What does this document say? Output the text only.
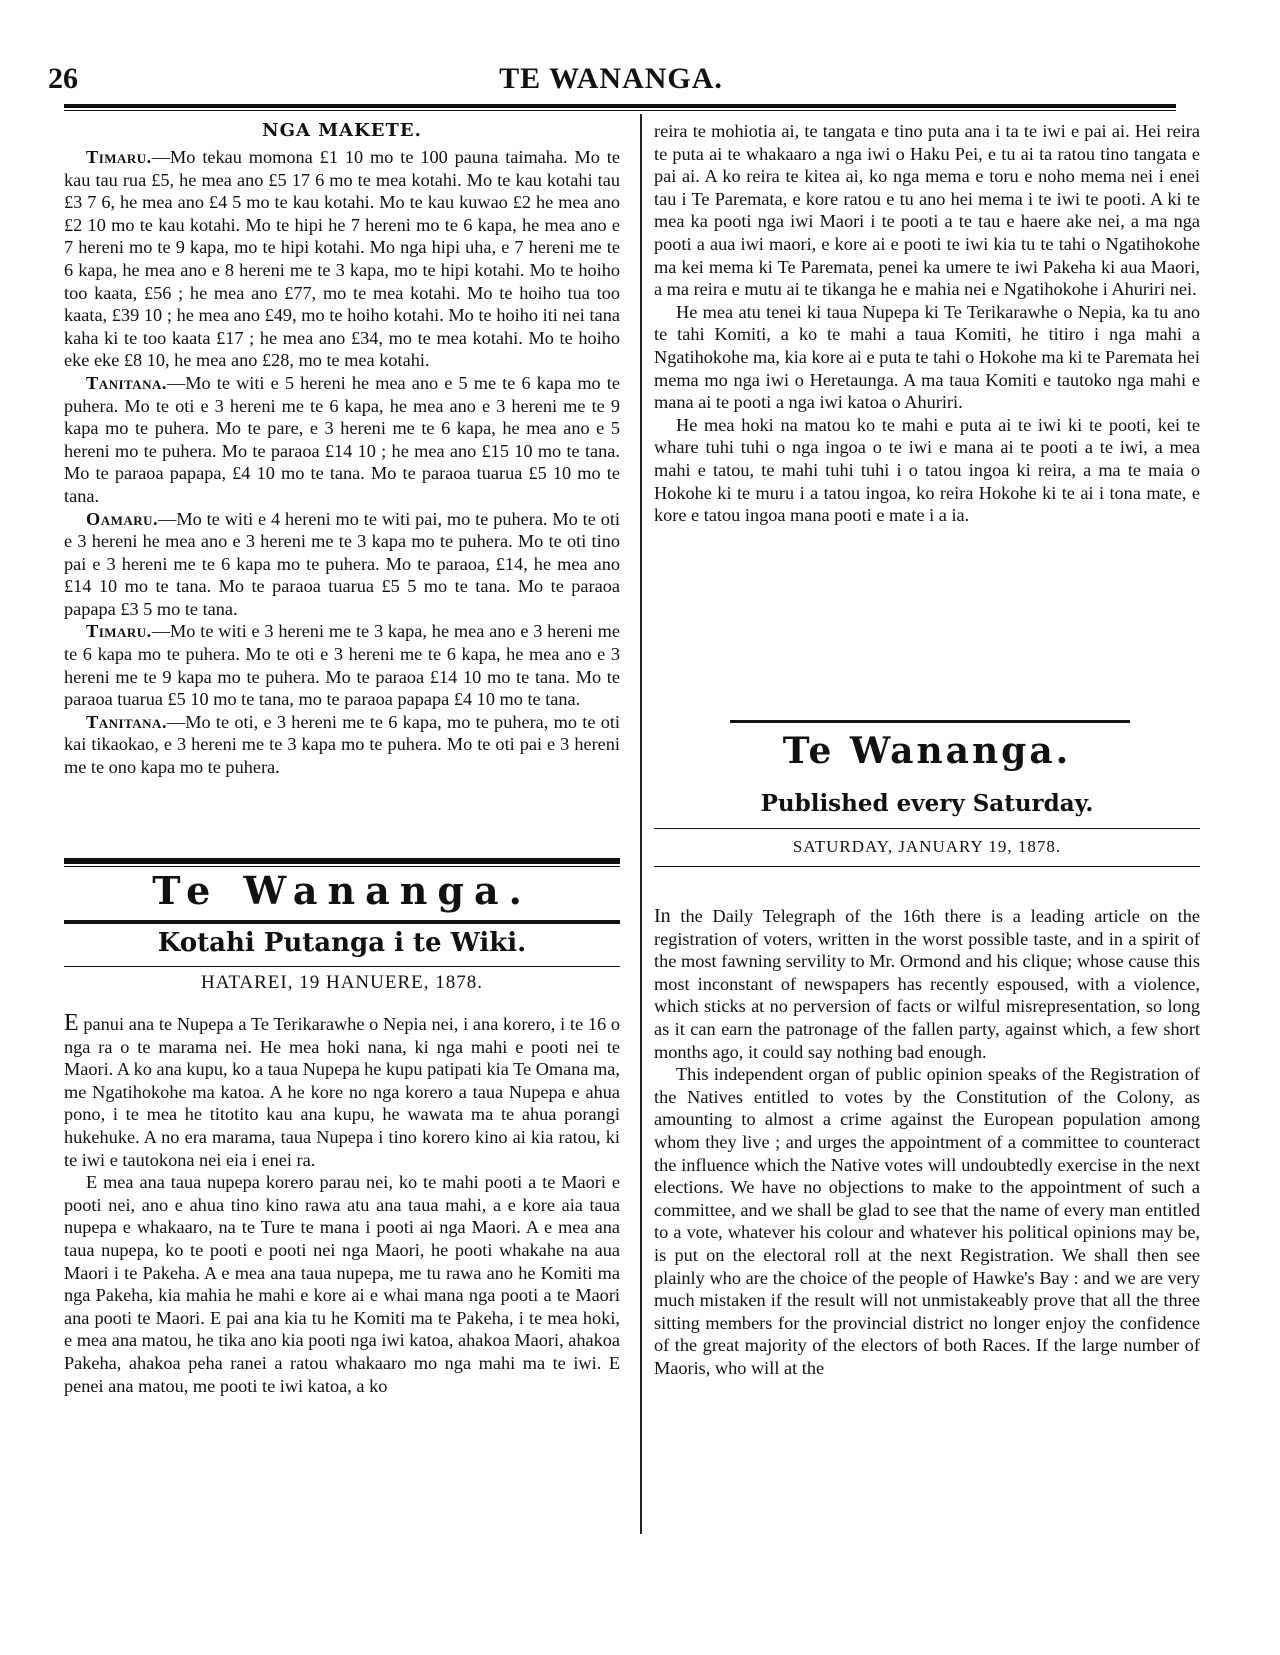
26	TE WANANGA.
NGA MAKETE.

Timaru.—Mo tekau momona £1 10 mo te 100 pauna taimaha. Mo te kau tau rua £5, he mea ano £5 17 6 mo te mea kotahi. Mo te kau kotahi tau £3 7 6, he mea ano £4 5 mo te kau kotahi. Mo te kau kuwao £2 he mea ano £2 10 mo te kau kotahi. Mo te hipi he 7 hereni mo te 6 kapa, he mea ano e 7 hereni mo te 9 kapa, mo te hipi kotahi. Mo nga hipi uha, e 7 hereni me te 6 kapa, he mea ano e 8 hereni me te 3 kapa, mo te hipi kotahi. Mo te hoiho too kaata, £56 ; he mea ano £77, mo te mea kotahi. Mo te hoiho tua too kaata, £39 10 ; he mea ano £49, mo te hoiho kotahi. Mo te hoiho iti nei tana kaha ki te too kaata £17 ; he mea ano £34, mo te mea kotahi. Mo te hoiho eke eke £8 10, he mea ano £28, mo te mea kotahi.

Tanitana.—Mo te witi e 5 hereni he mea ano e 5 me te 6 kapa mo te puhera. Mo te oti e 3 hereni me te 6 kapa, he mea ano e 3 hereni me te 9 kapa mo te puhera. Mo te pare, e 3 hereni me te 6 kapa, he mea ano e 5 hereni mo te puhera. Mo te paraoa £14 10 ; he mea ano £15 10 mo te tana. Mo te paraoa papapa, £4 10 mo te tana. Mo te paraoa tuarua £5 10 mo te tana.

Oamaru.—Mo te witi e 4 hereni mo te witi pai, mo te puhera. Mo te oti e 3 hereni he mea ano e 3 hereni me te 3 kapa mo te puhera. Mo te oti tino pai e 3 hereni me te 6 kapa mo te puhera. Mo te paraoa, £14, he mea ano £14 10 mo te tana. Mo te paraoa tuarua £5 5 mo te tana. Mo te paraoa papapa £3 5 mo te tana.

Timaru.—Mo te witi e 3 hereni me te 3 kapa, he mea ano e 3 hereni me te 6 kapa mo te puhera. Mo te oti e 3 hereni me te 6 kapa, he mea ano e 3 hereni me te 9 kapa mo te puhera. Mo te paraoa £14 10 mo te tana. Mo te paraoa tuarua £5 10 mo te tana, mo te paraoa papapa £4 10 mo te tana.

Tanitana.—Mo te oti, e 3 hereni me te 6 kapa, mo te puhera, mo te oti kai tikaokao, e 3 hereni me te 3 kapa mo te puhera. Mo te oti pai e 3 hereni me te ono kapa mo te puhera.

Te Wananga.
Kotahi Putanga i te Wiki.
HATAREI, 19 HANUERE, 1878.

E panui ana te Nupepa a Te Terikarawhe o Nepia nei, i ana korero, i te 16 o nga ra o te marama nei. He mea hoki nana, ki nga mahi e pooti nei te Maori. A ko ana kupu, ko a taua Nupepa he kupu patipati kia Te Omana ma, me Ngatihokohe ma katoa. A he kore no nga korero a taua Nupepa e ahua pono, i te mea he titotito kau ana kupu, he wawata ma te ahua porangi hukehuke. A no era marama, taua Nupepa i tino korero kino ai kia ratou, ki te iwi e tautokona nei eia i enei ra.

E mea ana taua nupepa korero parau nei, ko te mahi pooti a te Maori e pooti nei, ano e ahua tino kino rawa atu ana taua mahi, a e kore aia taua nupepa e whakaaro, na te Ture te mana i pooti ai nga Maori. A e mea ana taua nupepa, ko te pooti e pooti nei nga Maori, he pooti whakahe na aua Maori i te Pakeha. A e mea ana taua nupepa, me tu rawa ano he Komiti ma nga Pakeha, kia mahia he mahi e kore ai e whai mana nga pooti a te Maori ana pooti te Maori. E pai ana kia tu he Komiti ma te Pakeha, i te mea hoki, e mea ana matou, he tika ano kia pooti nga iwi katoa, ahakoa Maori, ahakoa Pakeha, ahakoa peha ranei a ratou whakaaro mo nga mahi ma te iwi. E penei ana matou, me pooti te iwi katoa, a ko

reira te mohiotia ai, te tangata e tino puta ana i ta te iwi e pai ai. Hei reira te puta ai te whakaaro a nga iwi o Haku Pei, e tu ai ta ratou tino tangata e pai ai. A ko reira te kitea ai, ko nga mema e toru e noho mema nei i enei tau i Te Paremata, e kore ratou e tu ano hei mema i te iwi te pooti. A ki te mea ka pooti nga iwi Maori i te pooti a te tau e haere ake nei, a ma nga pooti a aua iwi maori, e kore ai e pooti te iwi kia tu te tahi o Ngatihokohe ma kei mema ki Te Paremata, penei ka umere te iwi Pakeha ki aua Maori, a ma reira e mutu ai te tikanga he e mahia nei e Ngatihokohe i Ahuriri nei.

He mea atu tenei ki taua Nupepa ki Te Terikarawhe o Nepia, ka tu ano te tahi Komiti, a ko te mahi a taua Komiti, he titiro i nga mahi a Ngatihokohe ma, kia kore ai e puta te tahi o Hokohe ma ki te Paremata hei mema mo nga iwi o Heretaunga. A ma taua Komiti e tautoko nga mahi e mana ai te pooti a nga iwi katoa o Ahuriri.

He mea hoki na matou ko te mahi e puta ai te iwi ki te pooti, kei te whare tuhi tuhi o nga ingoa o te iwi e mana ai te pooti a te iwi, a mea mahi e tatou, te mahi tuhi tuhi i o tatou ingoa ki reira, a ma te maia o Hokohe ki te muru i a tatou ingoa, ko reira Hokohe ki te ai i tona mate, e kore e tatou ingoa mana pooti e mate i a ia.

Te Wananga.
Published every Saturday.
SATURDAY, JANUARY 19, 1878.

In the Daily Telegraph of the 16th there is a leading article on the registration of voters, written in the worst possible taste, and in a spirit of the most fawning servility to Mr. Ormond and his clique; whose cause this most inconstant of newspapers has recently espoused, with a violence, which sticks at no perversion of facts or wilful misrepresentation, so long as it can earn the patronage of the fallen party, against which, a few short months ago, it could say nothing bad enough.

This independent organ of public opinion speaks of the Registration of the Natives entitled to votes by the Constitution of the Colony, as amounting to almost a crime against the European population among whom they live ; and urges the appointment of a committee to counteract the influence which the Native votes will undoubtedly exercise in the next elections. We have no objections to make to the appointment of such a committee, and we shall be glad to see that the name of every man entitled to a vote, whatever his colour and whatever his political opinions may be, is put on the electoral roll at the next Registration. We shall then see plainly who are the choice of the people of Hawke's Bay : and we are very much mistaken if the result will not unmistakeably prove that all the three sitting members for the provincial district no longer enjoy the confidence of the great majority of the electors of both Races. If the large number of Maoris, who will at the
